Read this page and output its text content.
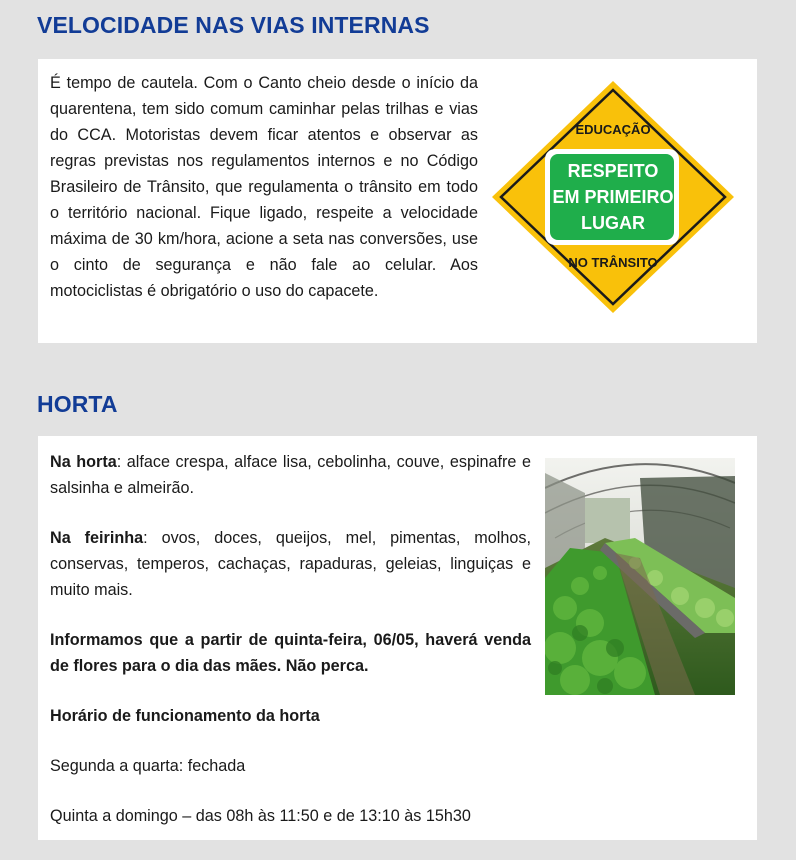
VELOCIDADE NAS VIAS INTERNAS

É tempo de cautela. Com o Canto cheio desde o início da quarentena, tem sido comum caminhar pelas trilhas e vias do CCA. Motoristas devem ficar atentos e observar as regras previstas nos regulamentos internos e no Código Brasileiro de Trânsito, que regulamenta o trânsito em todo o território nacional. Fique ligado, respeite a velocidade máxima de 30 km/hora, acione a seta nas conversões, use o cinto de segurança e não fale ao celular. Aos motociclistas é obrigatório o uso do capacete.

EDUCAÇÃO
RESPEITO
EM PRIMEIRO
LUGAR
NO TRÂNSITO
HORTA

Na horta: alface crespa, alface lisa, cebolinha, couve, espinafre e salsinha e almeirão.

Na feirinha: ovos, doces, queijos, mel, pimentas, molhos, conservas, temperos, cachaças, rapaduras, geleias, linguiças e muito mais.

Informamos que a partir de quinta-feira, 06/05, haverá venda de flores para o dia das mães. Não perca.

Horário de funcionamento da horta

Segunda a quarta: fechada

Quinta a domingo – das 08h às 11:50 e de 13:10 às 15h30
